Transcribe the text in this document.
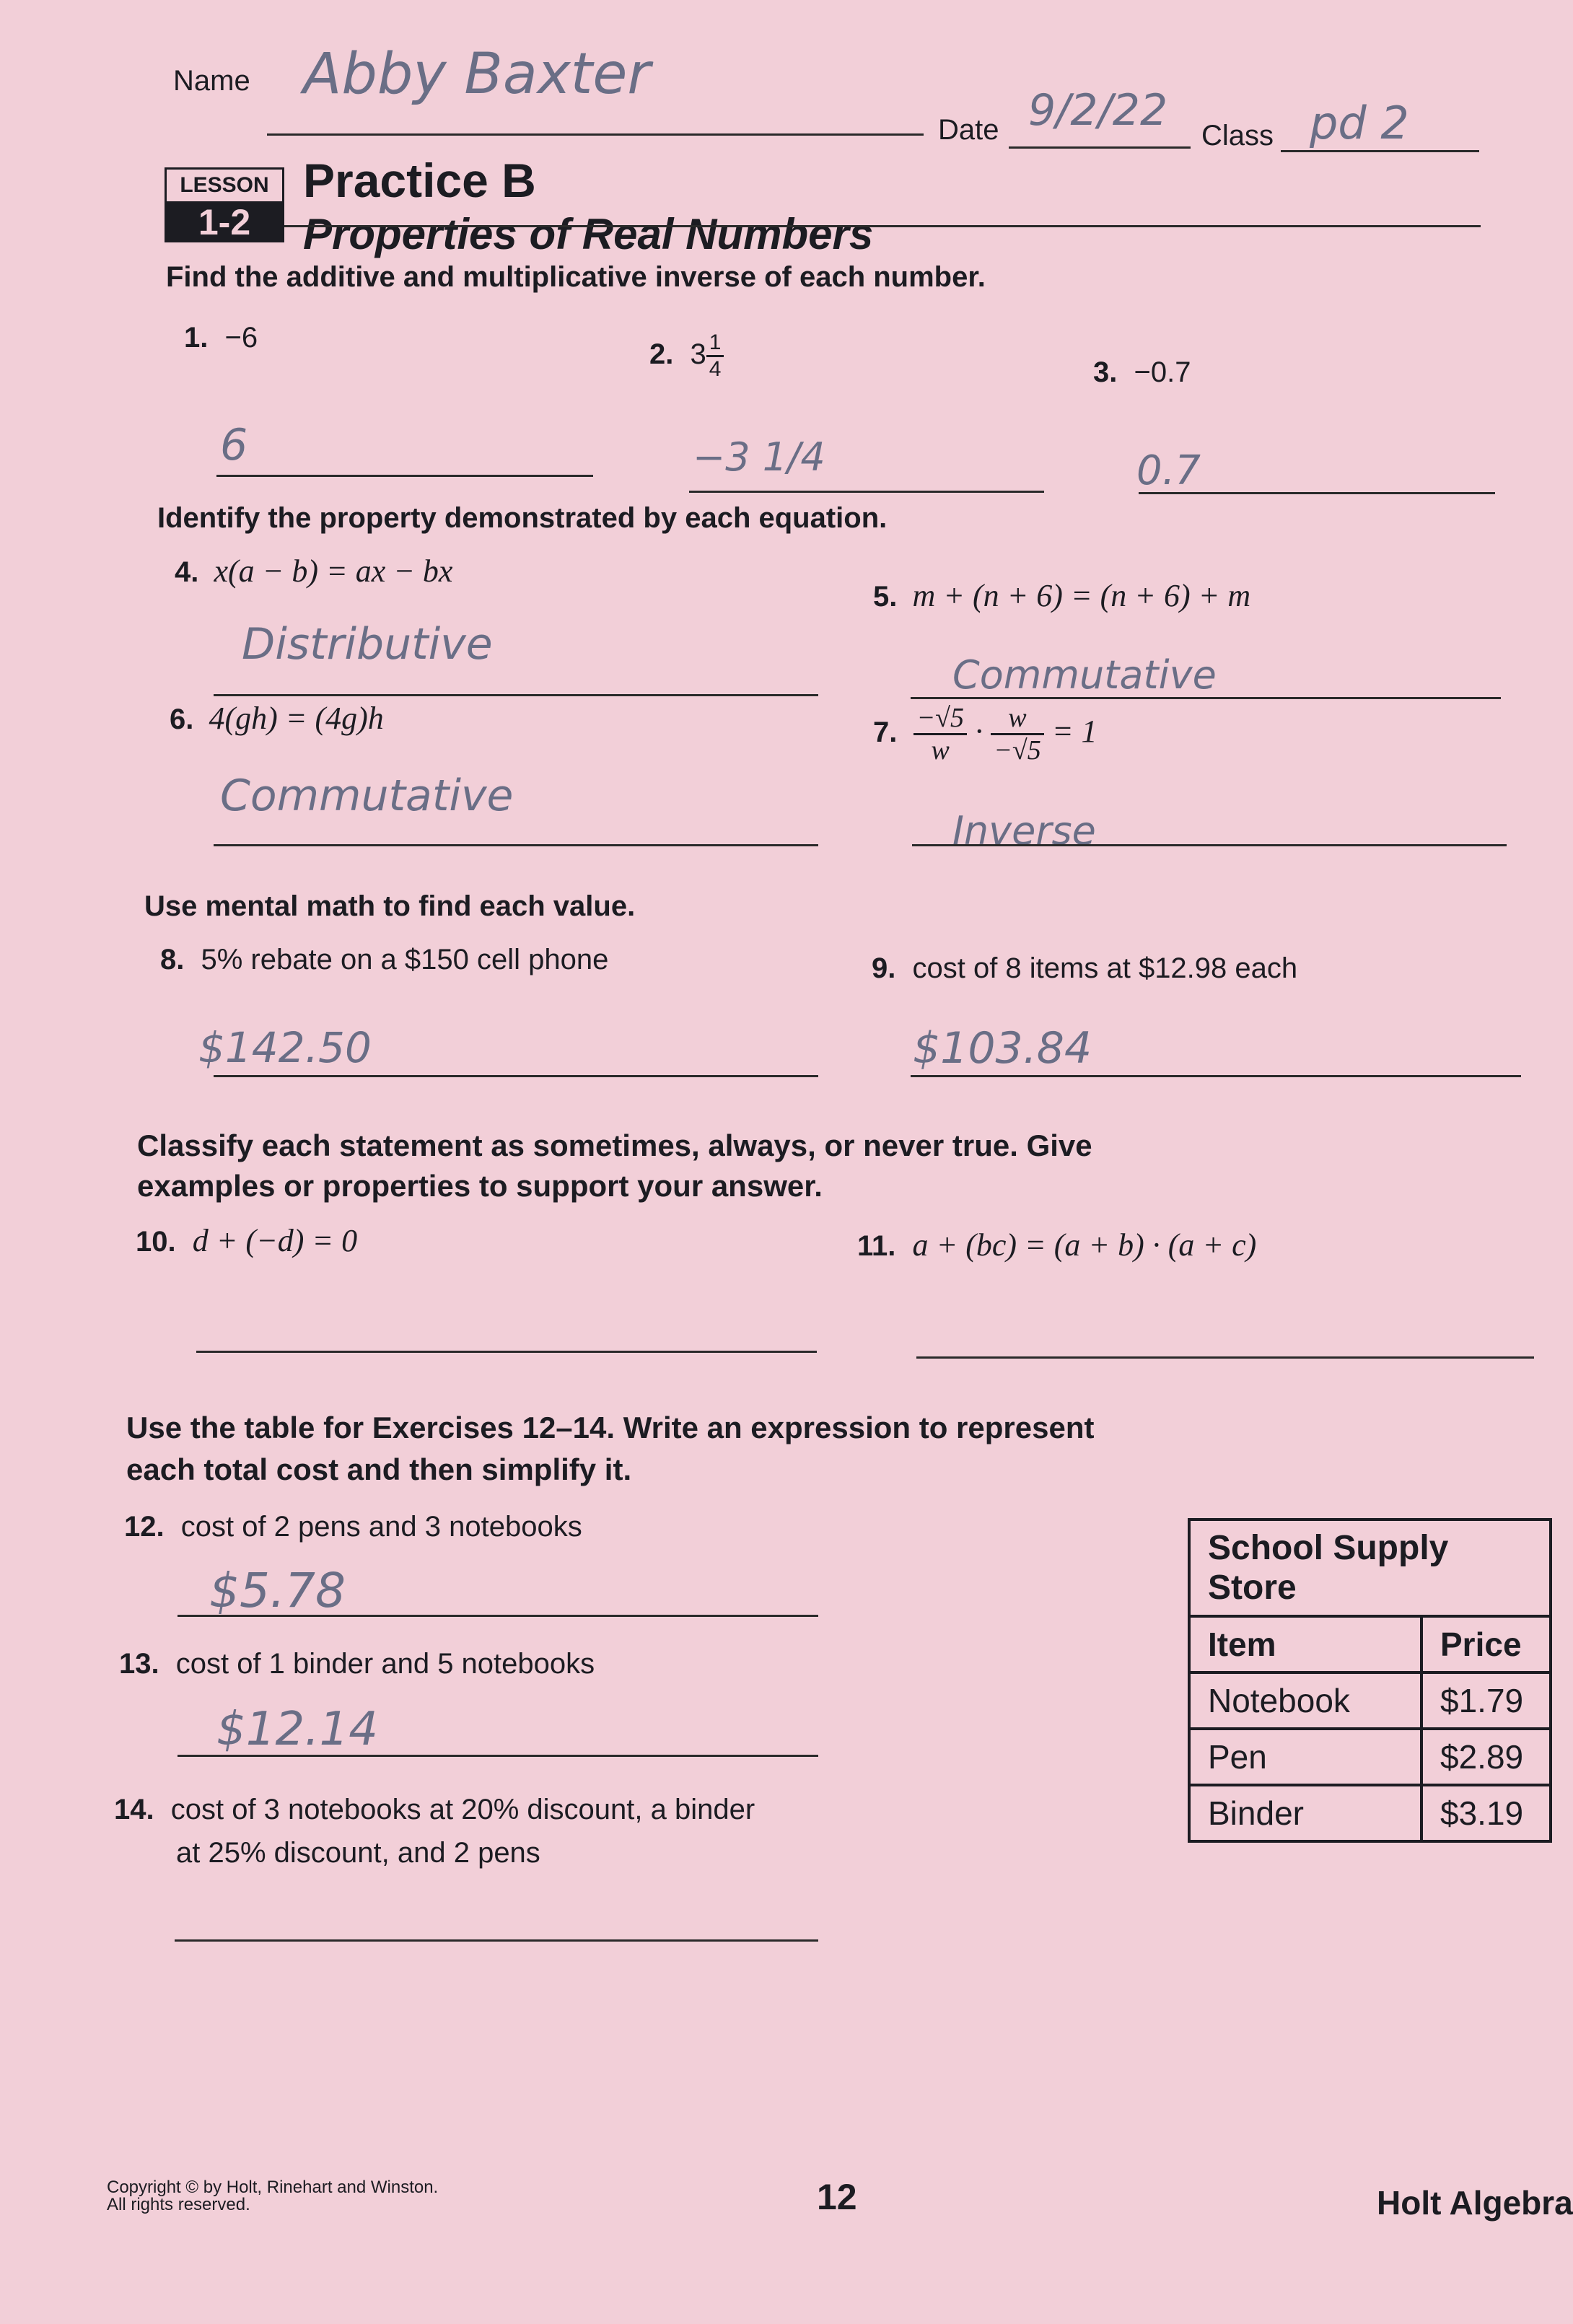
Name Abby Baxter
Date 9/2/22 Class pd 2
LESSON
1-2
Practice B
Properties of Real Numbers
Find the additive and multiplicative inverse of each number.
1. −6
2. $3 \frac{1}{4}$	3. −0.7
6	−3 1/4	0.7
Identify the property demonstrated by each equation.
4. x(a − b) = ax − bx
5. m + (n + 6) = (n + 6) + m
Distributive
Commutative
6. 4(gh) = (4g)h	7. $\frac{-√5}{w} \cdot \frac{w}{-√5} = 1$
Commutative
Inverse
Use mental math to find each value.
8. 5% rebate on a $150 cell phone	9. cost of 8 items at $12.98 each
$142.50	$103.84
Classify each statement as sometimes, always, or never true. Give
examples or properties to support your answer.
10. d + (−d) = 0	11. a + (bc) = (a + b) · (a + c)
Use the table for Exercises 12–14. Write an expression to represent
each total cost and then simplify it.
12. cost of 2 pens and 3 notebooks
$5.78
13. cost of 1 binder and 5 notebooks
$12.14
14. cost of 3 notebooks at 20% discount, a binder
at 25% discount, and 2 pens
School Supply Store	
Item	Price
Notebook	$1.79
Pen	$2.89
Binder	$3.19
Copyright © by Holt, Rinehart and Winston.
All rights reserved.	12	Holt Algebra
